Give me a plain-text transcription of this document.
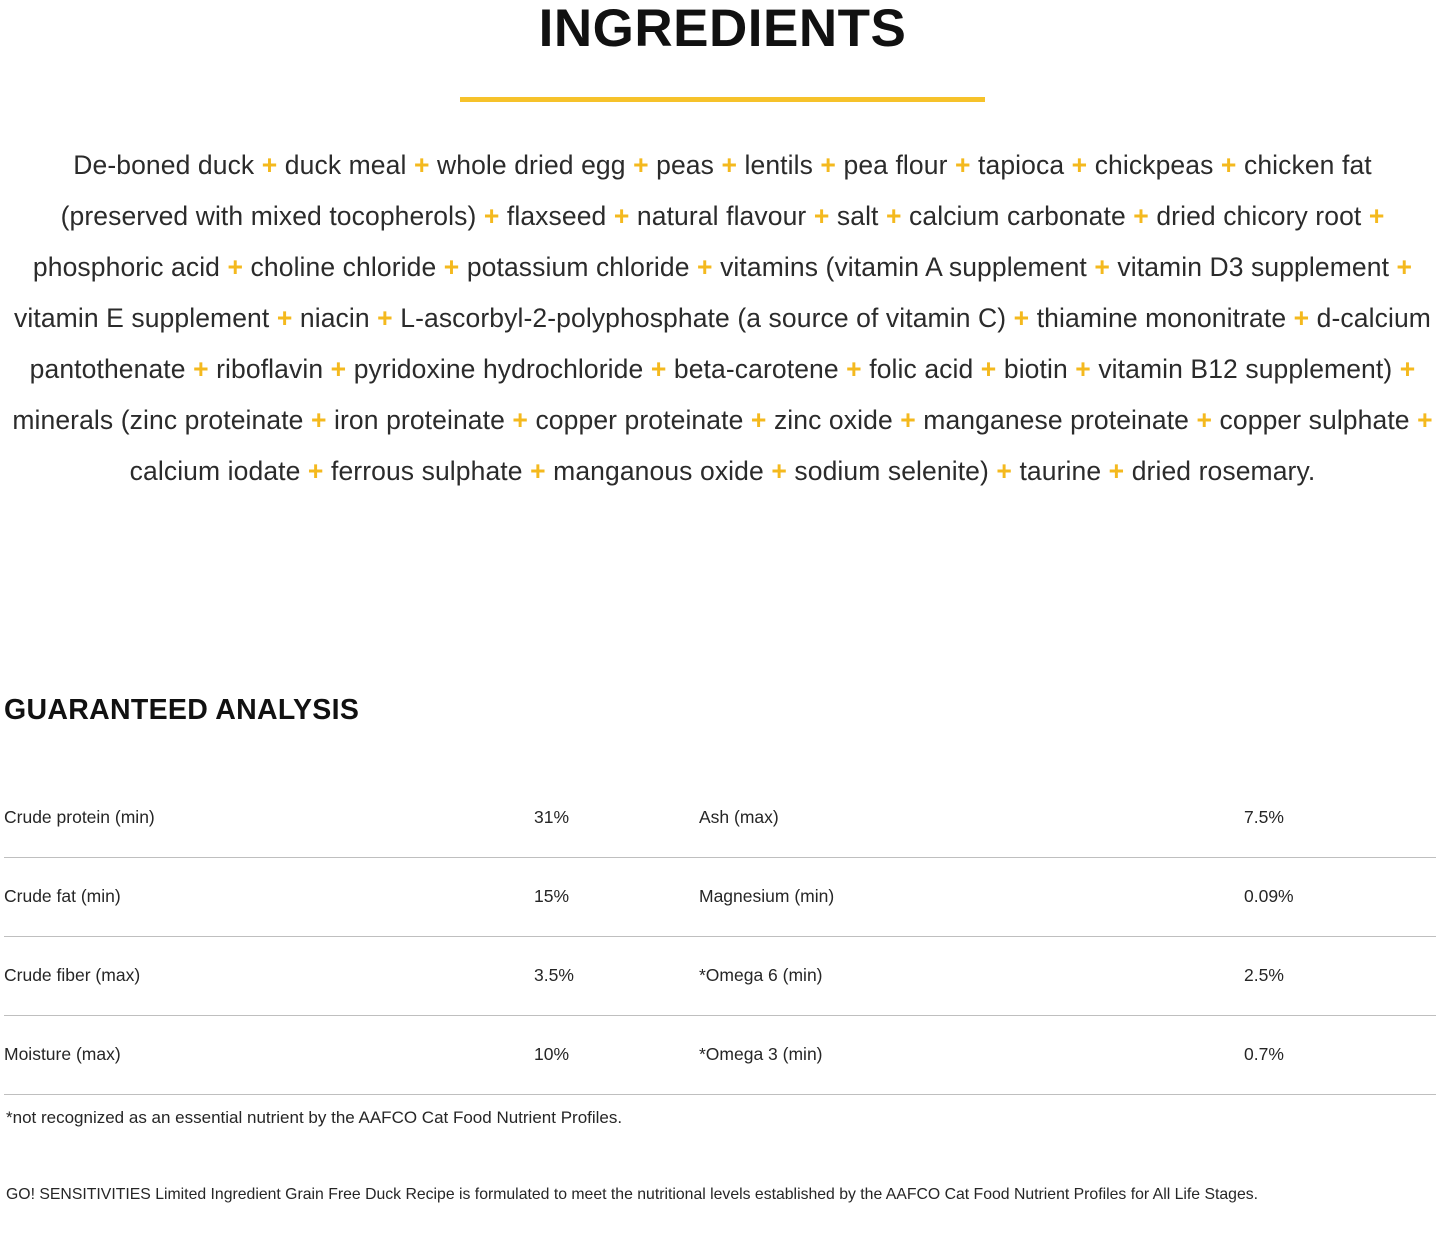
INGREDIENTS

De-boned duck + duck meal + whole dried egg + peas + lentils + pea flour + tapioca + chickpeas + chicken fat (preserved with mixed tocopherols) + flaxseed + natural flavour + salt + calcium carbonate + dried chicory root + phosphoric acid + choline chloride + potassium chloride + vitamins (vitamin A supplement + vitamin D3 supplement + vitamin E supplement + niacin + L-ascorbyl-2-polyphosphate (a source of vitamin C) + thiamine mononitrate + d-calcium pantothenate + riboflavin + pyridoxine hydrochloride + beta-carotene + folic acid + biotin + vitamin B12 supplement) + minerals (zinc proteinate + iron proteinate + copper proteinate + zinc oxide + manganese proteinate + copper sulphate + calcium iodate + ferrous sulphate + manganous oxide + sodium selenite) + taurine + dried rosemary.

GUARANTEED ANALYSIS
Crude protein (min)	31%	Ash (max)	7.5%
Crude fat (min)	15%	Magnesium (min)	0.09%
Crude fiber (max)	3.5%	*Omega 6 (min)	2.5%
Moisture (max)	10%	*Omega 3 (min)	0.7%
*not recognized as an essential nutrient by the AAFCO Cat Food Nutrient Profiles.
GO! SENSITIVITIES Limited Ingredient Grain Free Duck Recipe is formulated to meet the nutritional levels established by the AAFCO Cat Food Nutrient Profiles for All Life Stages.
